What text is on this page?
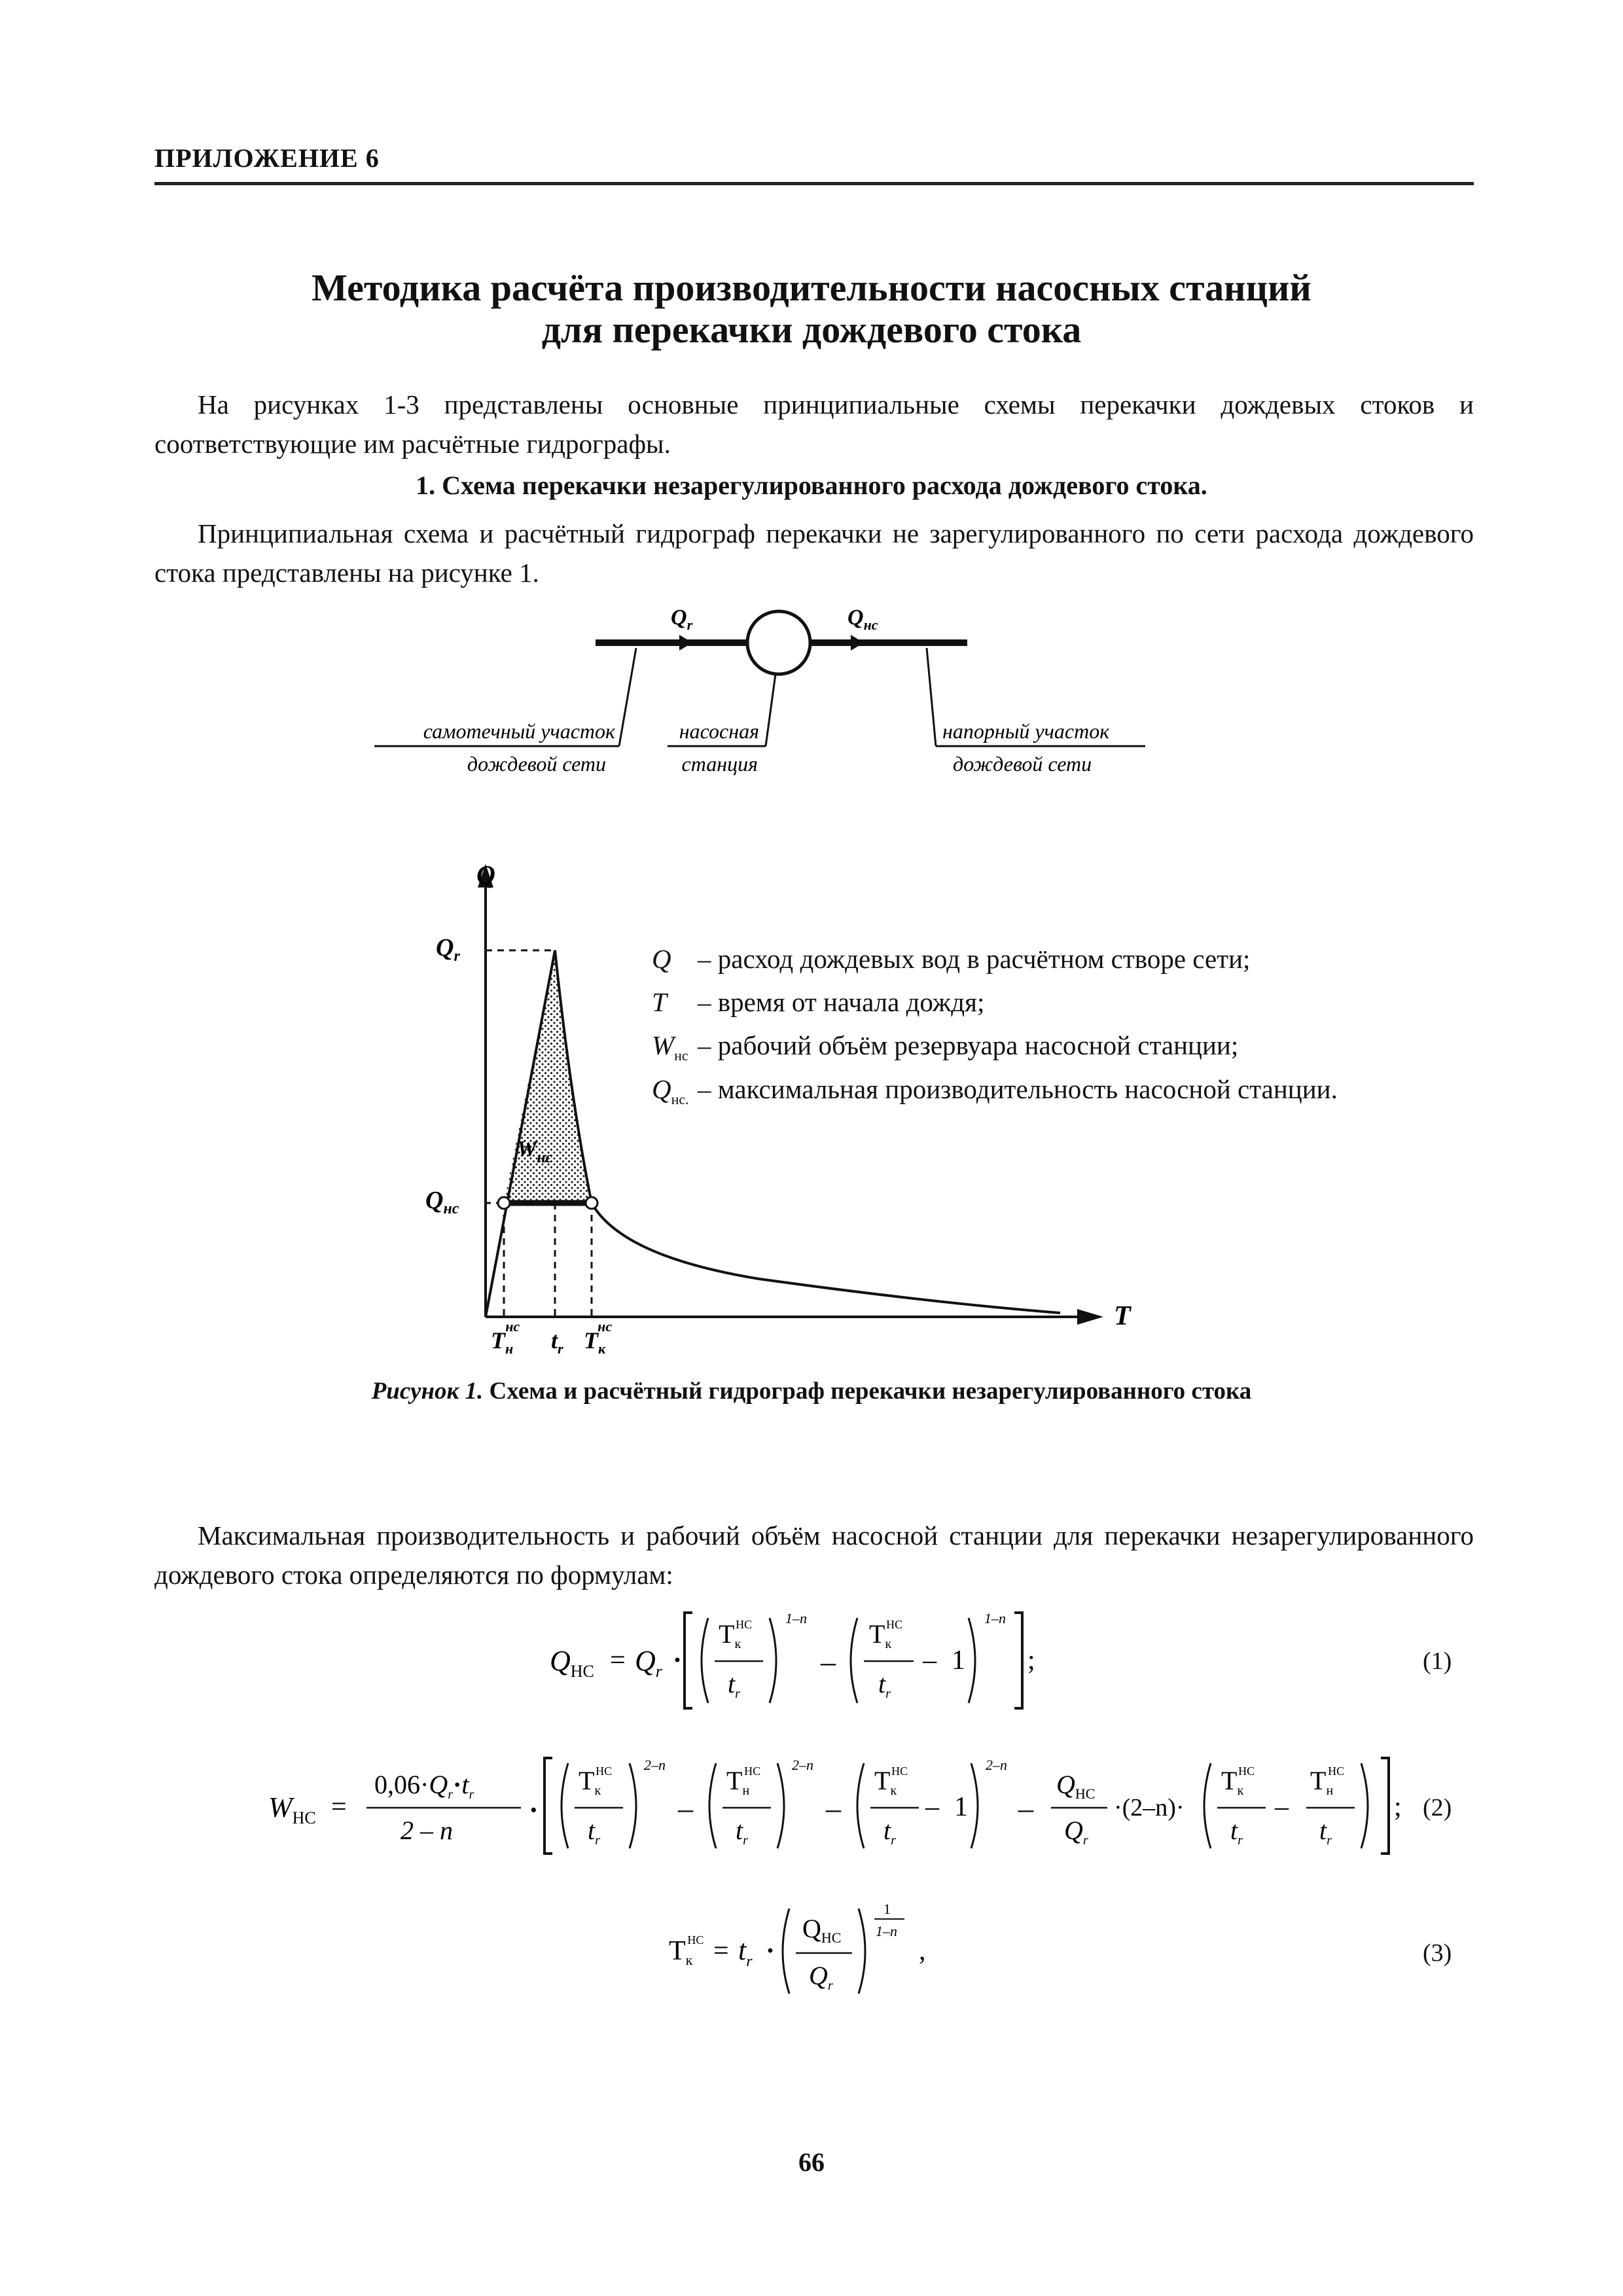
ПРИЛОЖЕНИЕ 6
Методика расчёта производительности насосных станций
для перекачки дождевого стока
На рисунках 1-3 представлены основные принципиальные схемы перекачки дождевых стоков и соответствующие им расчётные гидрографы.
1. Схема перекачки незарегулированного расхода дождевого стока.
Принципиальная схема и расчётный гидрограф перекачки не зарегулированного по сети расхода дождевого стока представлены на рисунке 1.
$Q_r$	$Q_{нс}$
самотечный участок
дождевой сети
насосная
станция
напорный участок
дождевой сети
Q
T
$Q_r$
$Q_{нс}$
$W_{нс}$
$T_ннс$
$t_r$ $T_кнс$
Q – расход дождевых вод в расчётном створе сети;
T	– время от начала дождя;
$W_{нс}$ – рабочий объём резервуара насосной станции;
$Q_{нс.}$ – максимальная производительность насосной станции.
Рисунок 1. Схема и расчётный гидрограф перекачки незарегулированного стока
Максимальная производительность и рабочий объём насосной станции для перекачки незарегулированного дождевого стока определяются по формулам:
$Q_{НС} = Q_r$ ·
$Т_кНС$
$t_r$
1–n
–
$Т_кНС$
$t_r$
– 1
1–n
;	(1)
$W_{НС}$ =
$0,06\cdot Q_r\cdot t_r$
2 – n
·
$Т_кНС$
$t_r$
2–n
–
$Т_нНС$
$t_r$
2–n
–
$Т_кНС$
$t_r$
– 1
2–n
–
$Q_{НС}$
$Q_r$
·(2–n)·
$Т_кНС$
$t_r$
–
$Т_нНС$
$t_r$
; (2)
ТкНС = $t_r$ ·
$Q_{НС}$
$Q_r$
1
1–n
,	(3)
66
